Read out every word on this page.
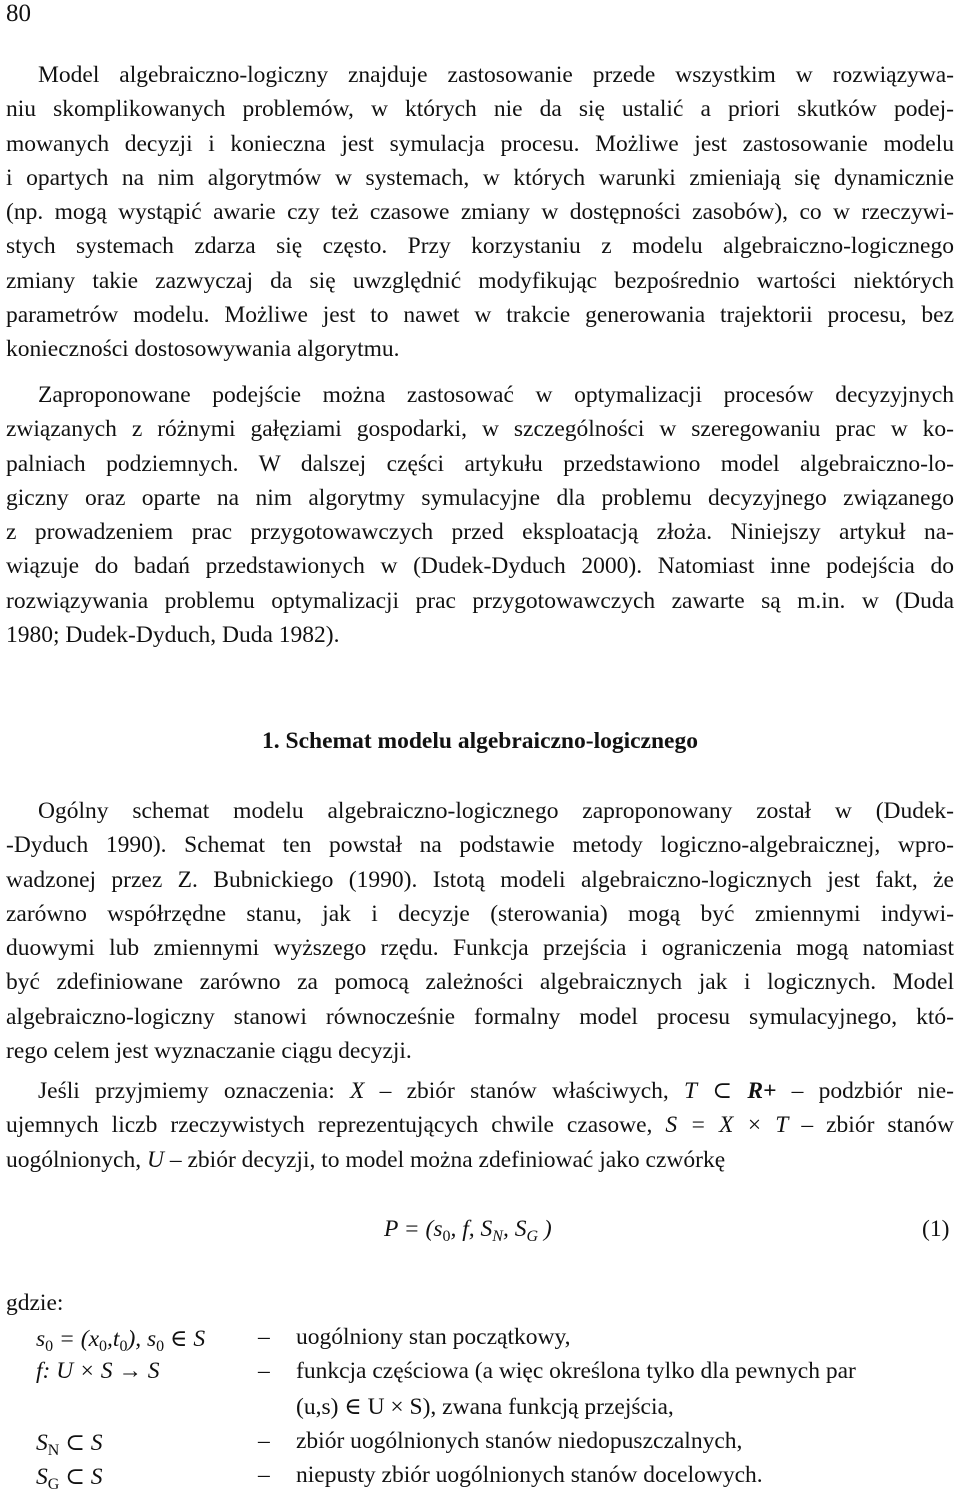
80

Model algebraiczno-logiczny znajduje zastosowanie przede wszystkim w rozwiązywa-
niu skomplikowanych problemów, w których nie da się ustalić a priori skutków podej-
mowanych decyzji i konieczna jest symulacja procesu. Możliwe jest zastosowanie modelu
i opartych na nim algorytmów w systemach, w których warunki zmieniają się dynamicznie
(np. mogą wystąpić awarie czy też czasowe zmiany w dostępności zasobów), co w rzeczywi-
stych systemach zdarza się często. Przy korzystaniu z modelu algebraiczno-logicznego
zmiany takie zazwyczaj da się uwzględnić modyfikując bezpośrednio wartości niektórych
parametrów modelu. Możliwe jest to nawet w trakcie generowania trajektorii procesu, bez
konieczności dostosowywania algorytmu.

Zaproponowane podejście można zastosować w optymalizacji procesów decyzyjnych
związanych z różnymi gałęziami gospodarki, w szczególności w szeregowaniu prac w ko-
palniach podziemnych. W dalszej części artykułu przedstawiono model algebraiczno-lo-
giczny oraz oparte na nim algorytmy symulacyjne dla problemu decyzyjnego związanego
z prowadzeniem prac przygotowawczych przed eksploatacją złoża. Niniejszy artykuł na-
wiązuje do badań przedstawionych w (Dudek-Dyduch 2000). Natomiast inne podejścia do
rozwiązywania problemu optymalizacji prac przygotowawczych zawarte są m.in. w (Duda
1980; Dudek-Dyduch, Duda 1982).

1. Schemat modelu algebraiczno-logicznego

Ogólny schemat modelu algebraiczno-logicznego zaproponowany został w (Dudek-
-Dyduch 1990). Schemat ten powstał na podstawie metody logiczno-algebraicznej, wpro-
wadzonej przez Z. Bubnickiego (1990). Istotą modeli algebraiczno-logicznych jest fakt, że
zarówno współrzędne stanu, jak i decyzje (sterowania) mogą być zmiennymi indywi-
duowymi lub zmiennymi wyższego rzędu. Funkcja przejścia i ograniczenia mogą natomiast
być zdefiniowane zarówno za pomocą zależności algebraicznych jak i logicznych. Model
algebraiczno-logiczny stanowi równocześnie formalny model procesu symulacyjnego, któ-
rego celem jest wyznaczanie ciągu decyzji.

Jeśli przyjmiemy oznaczenia: X – zbiór stanów właściwych, T ⊂ R+ – podzbiór nie-
ujemnych liczb rzeczywistych reprezentujących chwile czasowe, S = X × T – zbiór stanów
uogólnionych, U – zbiór decyzji, to model można zdefiniować jako czwórkę

$P = (s_0$, f, $S_N$, $S_G$ )	(1)
gdzie:
$s_0 = (x_0,t_0)$, $s_0$ ∈ S – uogólniony stan początkowy,
f: U × S → S	– funkcja częściowa (a więc określona tylko dla pewnych par
(u,s) ∈ U × S), zwana funkcją przejścia,
$S_N$ ⊂ S	– zbiór uogólnionych stanów niedopuszczalnych,
$S_G$ ⊂ S	– niepusty zbiór uogólnionych stanów docelowych.
